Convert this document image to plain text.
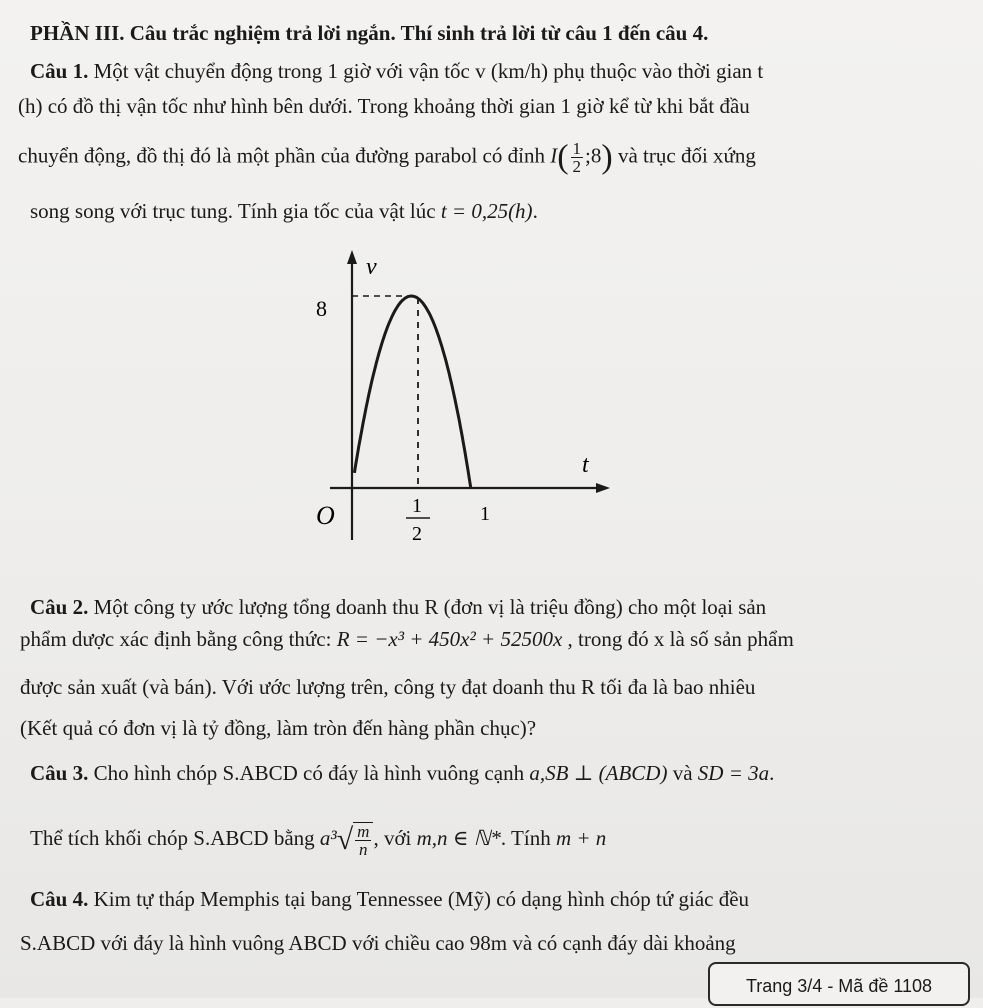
PHẦN III. Câu trắc nghiệm trả lời ngắn. Thí sinh trả lời từ câu 1 đến câu 4.
Câu 1. Một vật chuyển động trong 1 giờ với vận tốc v (km/h) phụ thuộc vào thời gian t
(h) có đồ thị vận tốc như hình bên dưới. Trong khoảng thời gian 1 giờ kể từ khi bắt đầu
chuyển động, đồ thị đó là một phần của đường parabol có đỉnh $I( \frac{1}{2}$ ;8) và trục đối xứng
song song với trục tung. Tính gia tốc của vật lúc t = 0,25(h).
v
t
O
8
1
2
1
Câu 2. Một công ty ước lượng tổng doanh thu R (đơn vị là triệu đồng) cho một loại sản
phẩm dược xác định bằng công thức: R = −x³ + 450x² + 52500x , trong đó x là số sản phẩm
được sản xuất (và bán). Với ước lượng trên, công ty đạt doanh thu R tối đa là bao nhiêu
(Kết quả có đơn vị là tỷ đồng, làm tròn đến hàng phần chục)?
Câu 3. Cho hình chóp S.ABCD có đáy là hình vuông cạnh a,SB ⊥ (ABCD) và SD = 3a.
Thể tích khối chóp S.ABCD bằng $a^3√ \frac{m}{n}$ , với m,n ∈ ℕ*. Tính m + n
Câu 4. Kim tự tháp Memphis tại bang Tennessee (Mỹ) có dạng hình chóp tứ giác đều
S.ABCD với đáy là hình vuông ABCD với chiều cao 98m và có cạnh đáy dài khoảng
Trang 3/4 - Mã đề 1108
